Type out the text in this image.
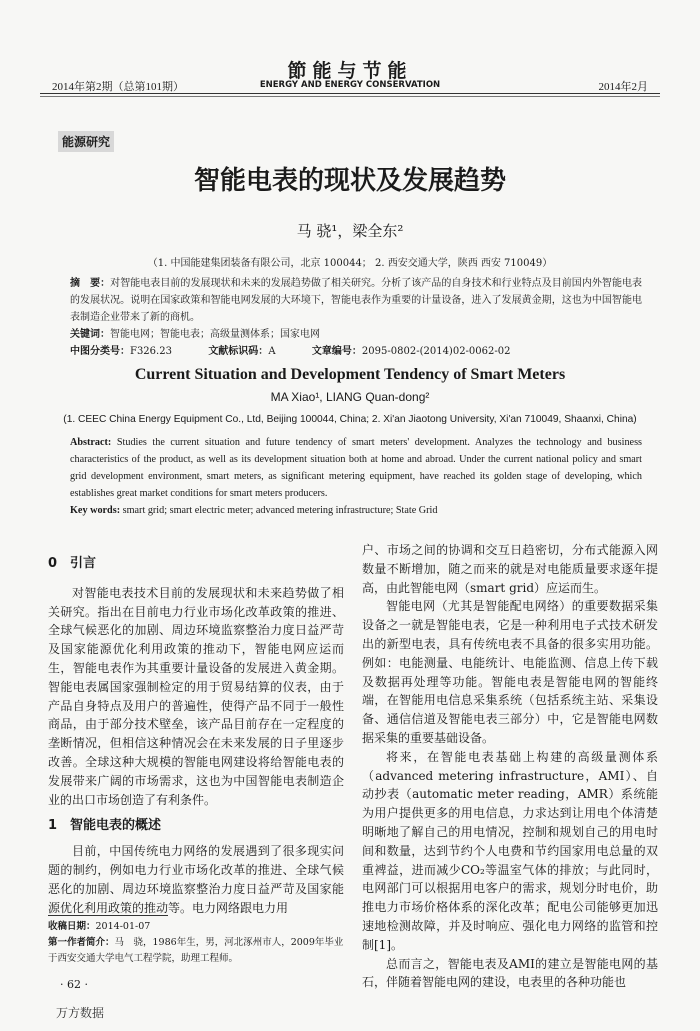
2014年第2期（总第101期）
節能与节能
ENERGY AND ENERGY CONSERVATION	2014年2月
能源研究
智能电表的现状及发展趋势
马 骁¹，梁全东²
（1. 中国能建集团装备有限公司，北京 100044； 2. 西安交通大学，陕西 西安 710049）
摘　要：对智能电表目前的发展现状和未来的发展趋势做了相关研究。分析了该产品的自身技术和行业特点及目前国内外智能电表的发展状况。说明在国家政策和智能电网发展的大环境下，智能电表作为重要的计量设备，进入了发展黄金期，这也为中国智能电表制造企业带来了新的商机。
关键词：智能电网；智能电表；高级量测体系；国家电网
中图分类号：F326.23	文献标识码：A	文章编号：2095-0802-(2014)02-0062-02
Current Situation and Development Tendency of Smart Meters
MA Xiao¹, LIANG Quan-dong²
(1. CEEC China Energy Equipment Co., Ltd, Beijing 100044, China; 2. Xi'an Jiaotong University, Xi'an 710049, Shaanxi, China)
Abstract: Studies the current situation and future tendency of smart meters' development. Analyzes the technology and business characteristics of the product, as well as its development situation both at home and abroad. Under the current national policy and smart grid development environment, smart meters, as significant metering equipment, have reached its golden stage of developing, which establishes great market conditions for smart meters producers.
Key words: smart grid; smart electric meter; advanced metering infrastructure; State Grid
0　引言

对智能电表技术目前的发展现状和未来趋势做了相关研究。指出在目前电力行业市场化改革政策的推进、全球气候恶化的加剧、周边环境监察整治力度日益严苛及国家能源优化利用政策的推动下，智能电网应运而生，智能电表作为其重要计量设备的发展进入黄金期。智能电表属国家强制检定的用于贸易结算的仪表，由于产品自身特点及用户的普遍性，使得产品不同于一般性商品，由于部分技术壁垒，该产品目前存在一定程度的垄断情况，但相信这种情况会在未来发展的日子里逐步改善。全球这种大规模的智能电网建设将给智能电表的发展带来广阔的市场需求，这也为中国智能电表制造企业的出口市场创造了有利条件。

1　智能电表的概述

目前，中国传统电力网络的发展遇到了很多现实问题的制约，例如电力行业市场化改革的推进、全球气候恶化的加剧、周边环境监察整治力度日益严苛及国家能源优化利用政策的推动等。电力网络跟电力用

收稿日期：2014-01-07
第一作者简介：马　骁，1986年生，男，河北涿州市人，2009年毕业于西安交通大学电气工程学院，助理工程师。
· 62 ·

户、市场之间的协调和交互日趋密切，分布式能源入网数量不断增加，随之而来的就是对电能质量要求逐年提高，由此智能电网（smart grid）应运而生。

智能电网（尤其是智能配电网络）的重要数据采集设备之一就是智能电表，它是一种利用电子式技术研发出的新型电表，具有传统电表不具备的很多实用功能。例如：电能测量、电能统计、电能监测、信息上传下载及数据再处理等功能。智能电表是智能电网的智能终端，在智能用电信息采集系统（包括系统主站、采集设备、通信信道及智能电表三部分）中，它是智能电网数据采集的重要基础设备。

将来，在智能电表基础上构建的高级量测体系（advanced metering infrastructure，AMI）、自动抄表（automatic meter reading，AMR）系统能为用户提供更多的用电信息，力求达到让用电个体清楚明晰地了解自己的用电情况，控制和规划自己的用电时间和数量，达到节约个人电费和节约国家用电总量的双重裨益，进而减少CO₂等温室气体的排放；与此同时，电网部门可以根据用电客户的需求，规划分时电价，助推电力市场价格体系的深化改革；配电公司能够更加迅速地检测故障，并及时响应、强化电力网络的监管和控制[1]。

总而言之，智能电表及AMI的建立是智能电网的基石，伴随着智能电网的建设，电表里的各种功能也

万方数据
